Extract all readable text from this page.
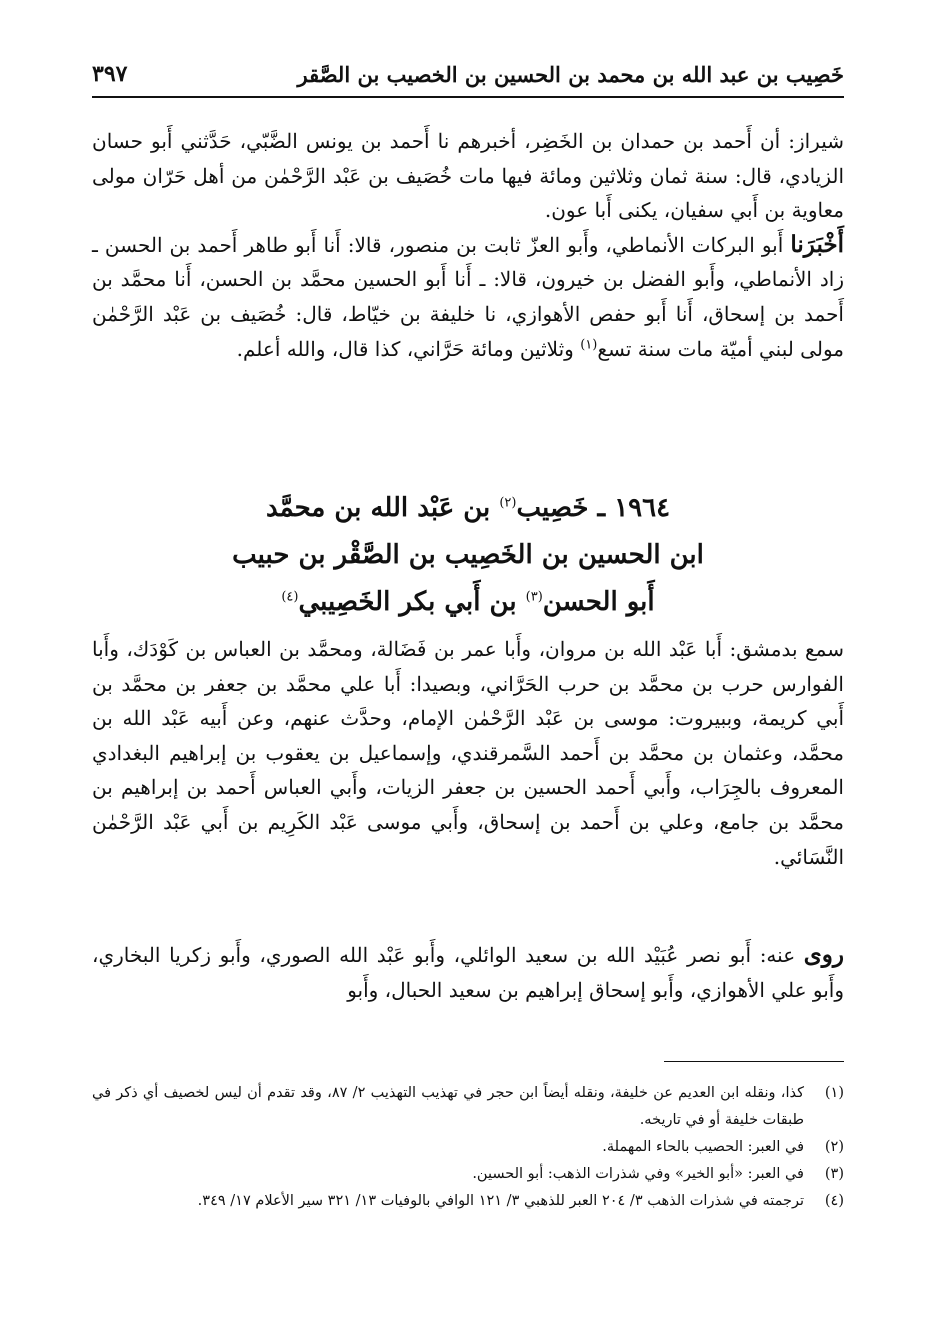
خَصِيب بن عبد الله بن محمد بن الحسين بن الخصيب بن الصَّقر
٣٩٧

شيراز: أن أَحمد بن حمدان بن الخَضِر، أخبرهم نا أَحمد بن يونس الضَّبّي، حَدَّثني أَبو حسان الزيادي، قال: سنة ثمان وثلاثين ومائة فيها مات خُصَيف بن عَبْد الرَّحْمٰن من أهل حَرّان مولى معاوية بن أَبي سفيان، يكنى أَبا عون.

أَخْبَرَنا أَبو البركات الأنماطي، وأَبو العزّ ثابت بن منصور، قالا: أَنا أَبو طاهر أَحمد بن الحسن ـ زاد الأنماطي، وأَبو الفضل بن خيرون، قالا: ـ أَنا أَبو الحسين محمَّد بن الحسن، أَنا محمَّد بن أَحمد بن إسحاق، أَنا أَبو حفص الأهوازي، نا خليفة بن خيّاط، قال: خُصَيف بن عَبْد الرَّحْمٰن مولى لبني أميّة مات سنة تسع$^{(١)}$ وثلاثين ومائة حَرَّاني، كذا قال، والله أعلم.

١٩٦٤ ـ خَصِيب$^{(٢)}$ بن عَبْد الله بن محمَّد
ابن الحسين بن الخَصِيب بن الصَّقْر بن حبيب
أَبو الحسن$^{(٣)}$ بن أَبي بكر الخَصِيبي$^{(٤)}$

سمع بدمشق: أَبا عَبْد الله بن مروان، وأَبا عمر بن فَضَالة، ومحمَّد بن العباس بن كَوْدَك، وأَبا الفوارس حرب بن محمَّد بن حرب الحَرَّاني، وبصيدا: أَبا علي محمَّد بن جعفر بن محمَّد بن أَبي كريمة، وببيروت: موسى بن عَبْد الرَّحْمٰن الإمام، وحدَّث عنهم، وعن أَبيه عَبْد الله بن محمَّد، وعثمان بن محمَّد بن أَحمد السَّمرقندي، وإسماعيل بن يعقوب بن إبراهيم البغدادي المعروف بالجِرَاب، وأَبي أَحمد الحسين بن جعفر الزيات، وأَبي العباس أَحمد بن إبراهيم بن محمَّد بن جامع، وعلي بن أَحمد بن إسحاق، وأَبي موسى عَبْد الكَرِيم بن أَبي عَبْد الرَّحْمٰن النَّسَائي.

روى عنه: أَبو نصر عُبَيْد الله بن سعيد الوائلي، وأَبو عَبْد الله الصوري، وأَبو زكريا البخاري، وأَبو علي الأهوازي، وأَبو إسحاق إبراهيم بن سعيد الحبال، وأَبو

(١)
كذا، ونقله ابن العديم عن خليفة، ونقله أيضاً ابن حجر في تهذيب التهذيب ٢/ ٨٧، وقد تقدم أن ليس لخصيف أي ذكر في طبقات خليفة أو في تاريخه.
(٢)
في العبر: الحصيب بالحاء المهملة.
(٣)
في العبر: «أبو الخير» وفي شذرات الذهب: أبو الحسين.
(٤)
ترجمته في شذرات الذهب ٣/ ٢٠٤ العبر للذهبي ٣/ ١٢١ الوافي بالوفيات ١٣/ ٣٢١ سير الأعلام ١٧/ ٣٤٩.
